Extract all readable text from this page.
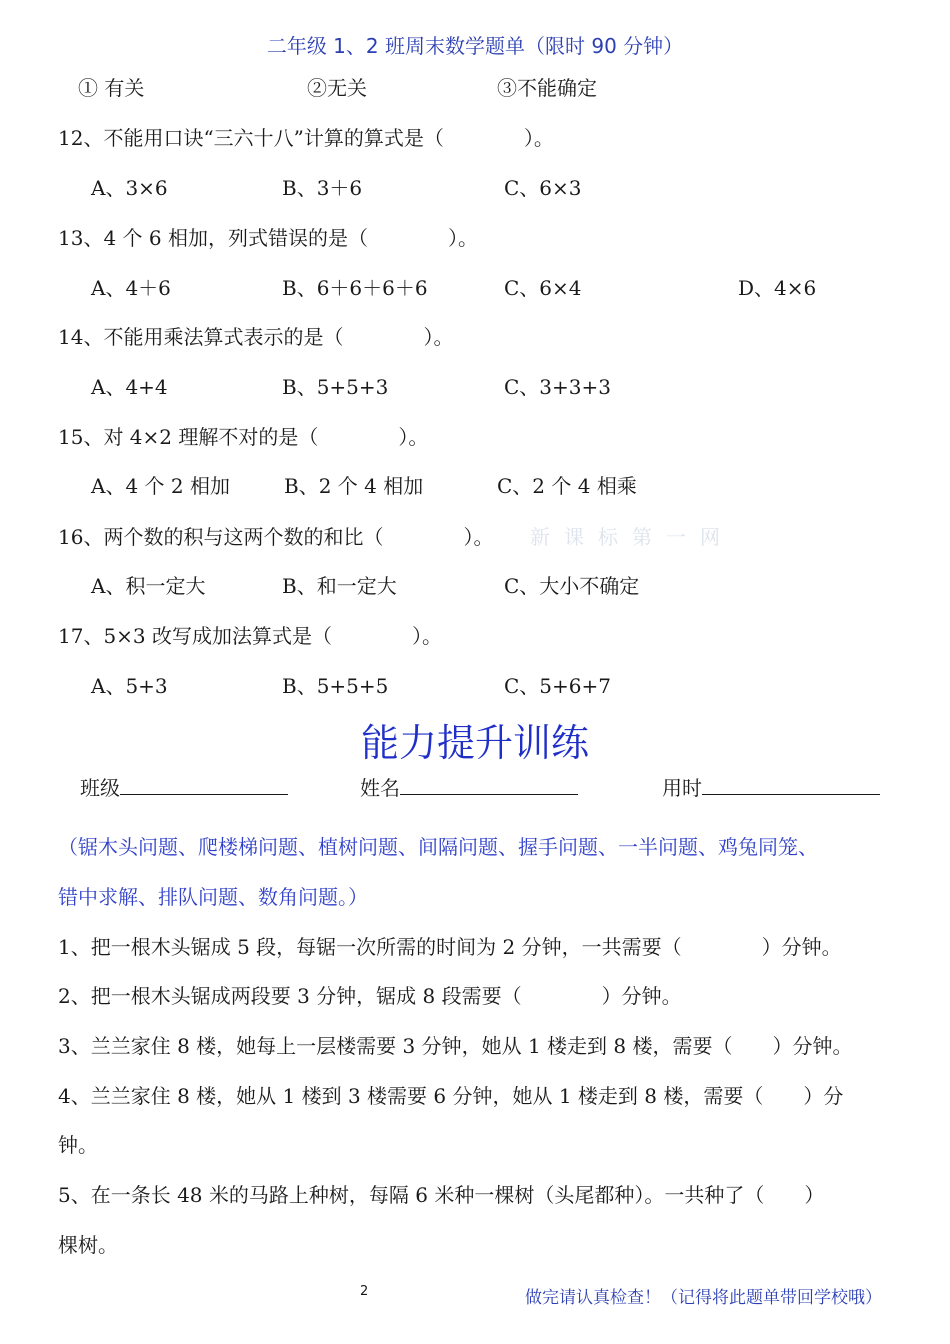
二年级 1、2 班周末数学题单（限时 90 分钟）
① 有关	②无关	③不能确定
12、不能用口诀“三六十八”计算的算式是（　　　　）。
A、3×6	B、3＋6	C、6×3
13、4 个 6 相加，列式错误的是（　　　　）。
A、4＋6	B、6＋6＋6＋6	C、6×4	D、4×6
14、不能用乘法算式表示的是（　　　　）。
A、4+4	B、5+5+3	C、3+3+3
15、对 4×2 理解不对的是（　　　　）。
A、4 个 2 相加	B、2 个 4 相加	C、2 个 4 相乘
16、两个数的积与这两个数的和比（　　　　）。 新课标第一网
A、积一定大	B、和一定大	C、大小不确定
17、5×3 改写成加法算式是（　　　　）。
A、5+3	B、5+5+5	C、5+6+7
能力提升训练
班级	姓名	用时
（锯木头问题、爬楼梯问题、植树问题、间隔问题、握手问题、一半问题、鸡兔同笼、
错中求解、排队问题、数角问题。）
1、把一根木头锯成 5 段，每锯一次所需的时间为 2 分钟，一共需要（　　　　）分钟。
2、把一根木头锯成两段要 3 分钟，锯成 8 段需要（　　　　）分钟。
3、兰兰家住 8 楼，她每上一层楼需要 3 分钟，她从 1 楼走到 8 楼，需要（　　）分钟。
4、兰兰家住 8 楼，她从 1 楼到 3 楼需要 6 分钟，她从 1 楼走到 8 楼，需要（　　）分
钟。
5、在一条长 48 米的马路上种树，每隔 6 米种一棵树（头尾都种）。一共种了（　　）
棵树。
2	做完请认真检查！（记得将此题单带回学校哦）
